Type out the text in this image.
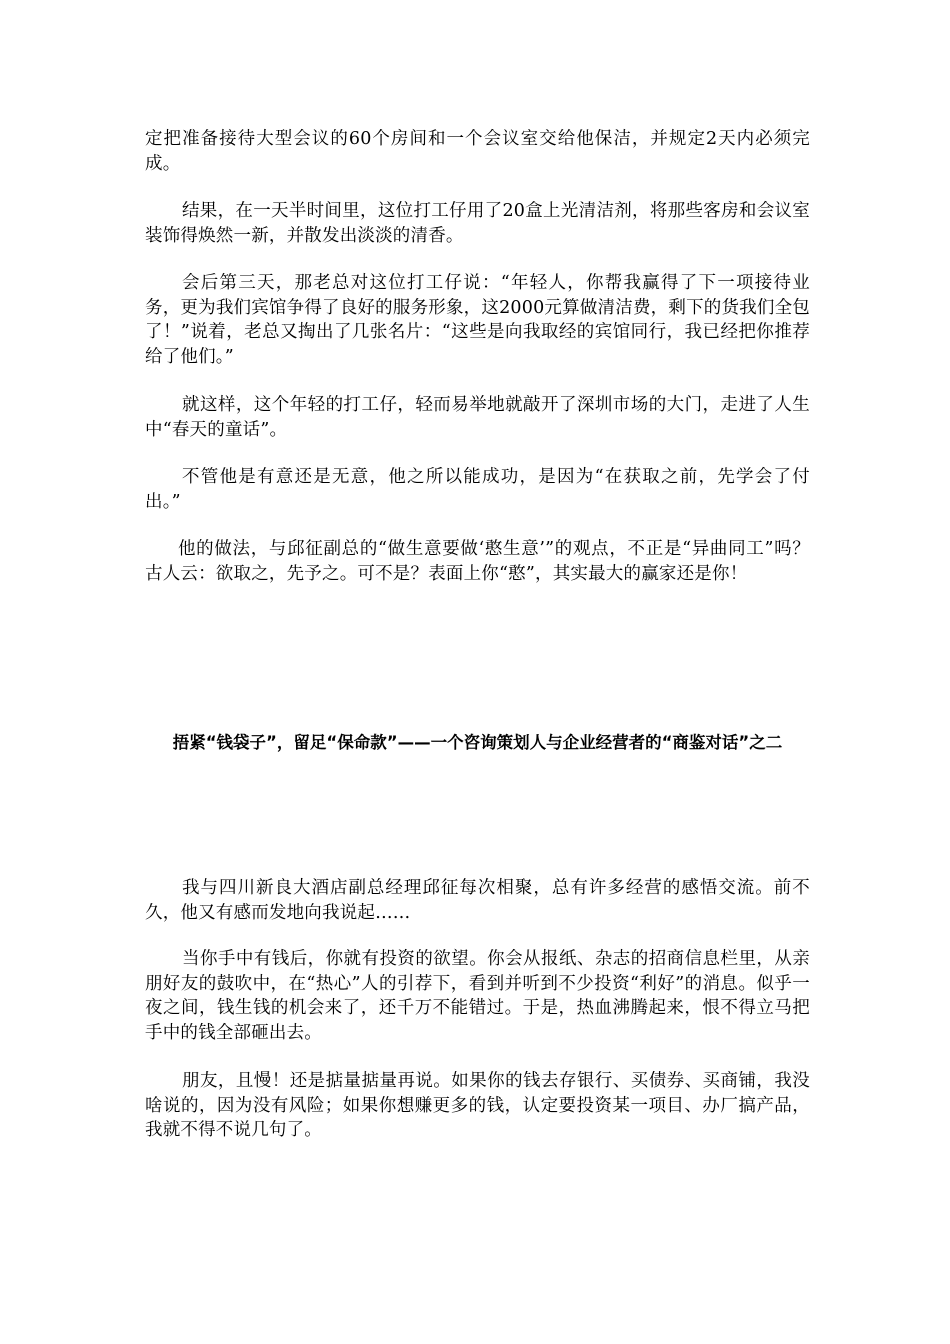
定把准备接待大型会议的60个房间和一个会议室交给他保洁，并规定2天内必须完成。

结果，在一天半时间里，这位打工仔用了20盒上光清洁剂，将那些客房和会议室装饰得焕然一新，并散发出淡淡的清香。

会后第三天，那老总对这位打工仔说：“年轻人，你帮我赢得了下一项接待业务，更为我们宾馆争得了良好的服务形象，这2000元算做清洁费，剩下的货我们全包了！”说着，老总又掏出了几张名片：“这些是向我取经的宾馆同行，我已经把你推荐给了他们。”

就这样，这个年轻的打工仔，轻而易举地就敲开了深圳市场的大门，走进了人生中“春天的童话”。

不管他是有意还是无意，他之所以能成功，是因为“在获取之前，先学会了付出。”

他的做法，与邱征副总的“做生意要做‘憨生意’”的观点，不正是“异曲同工”吗？古人云：欲取之，先予之。可不是？表面上你“憨”，其实最大的赢家还是你！

捂紧“钱袋子”，留足“保命款”——一个咨询策划人与企业经营者的“商鉴对话”之二

我与四川新良大酒店副总经理邱征每次相聚，总有许多经营的感悟交流。前不久，他又有感而发地向我说起……

当你手中有钱后，你就有投资的欲望。你会从报纸、杂志的招商信息栏里，从亲朋好友的鼓吹中，在“热心”人的引荐下，看到并听到不少投资“利好”的消息。似乎一夜之间，钱生钱的机会来了，还千万不能错过。于是，热血沸腾起来，恨不得立马把手中的钱全部砸出去。

朋友，且慢！还是掂量掂量再说。如果你的钱去存银行、买债券、买商铺，我没啥说的，因为没有风险；如果你想赚更多的钱，认定要投资某一项目、办厂搞产品，我就不得不说几句了。
